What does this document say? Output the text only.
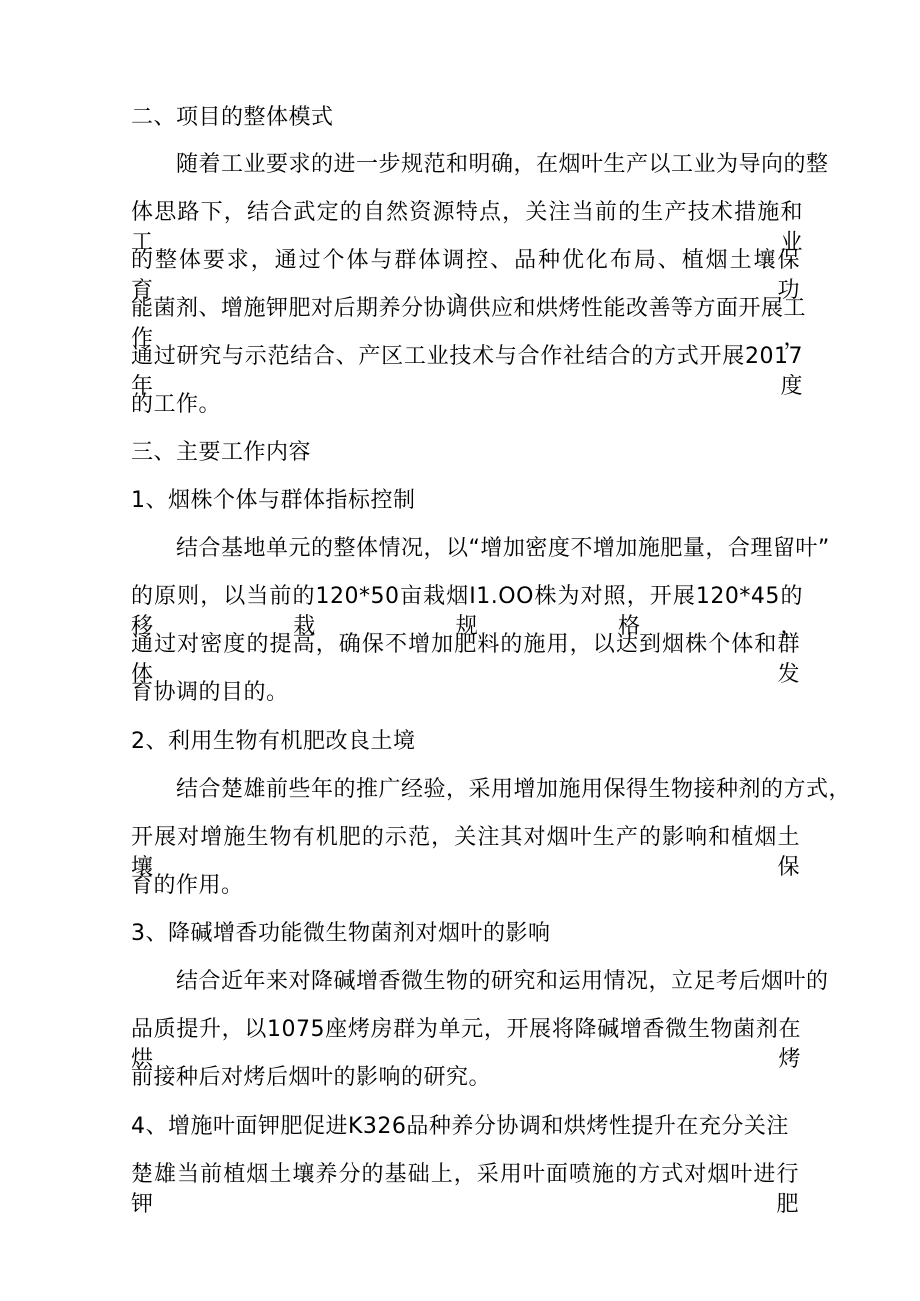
二、项目的整体模式
随着工业要求的进一步规范和明确，在烟叶生产以工业为导向的整
体思路下，结合武定的自然资源特点，关注当前的生产技术措施和工业
的整体要求，通过个体与群体调控、品种优化布局、植烟土壤保育、功
能菌剂、增施钾肥对后期养分协调供应和烘烤性能改善等方面开展工作，
通过研究与示范结合、产区工业技术与合作社结合的方式开展2017年度
的工作。
三、主要工作内容
1、烟株个体与群体指标控制
结合基地单元的整体情况，以“增加密度不增加施肥量，合理留叶”
的原则，以当前的120*50亩栽烟I1.OO株为对照，开展120*45的移栽规格，
通过对密度的提高，确保不增加肥料的施用，以达到烟株个体和群体发
育协调的目的。
2、利用生物有机肥改良土境
结合楚雄前些年的推广经验，采用增加施用保得生物接种剂的方式，
开展对增施生物有机肥的示范，关注其对烟叶生产的影响和植烟土壤保
育的作用。
3、降碱增香功能微生物菌剂对烟叶的影响
结合近年来对降碱增香微生物的研究和运用情况，立足考后烟叶的
品质提升，以1075座烤房群为单元，开展将降碱增香微生物菌剂在烘烤
前接种后对烤后烟叶的影响的研究。
4、增施叶面钾肥促进K326品种养分协调和烘烤性提升在充分关注
楚雄当前植烟土壤养分的基础上，采用叶面喷施的方式对烟叶进行钾肥
